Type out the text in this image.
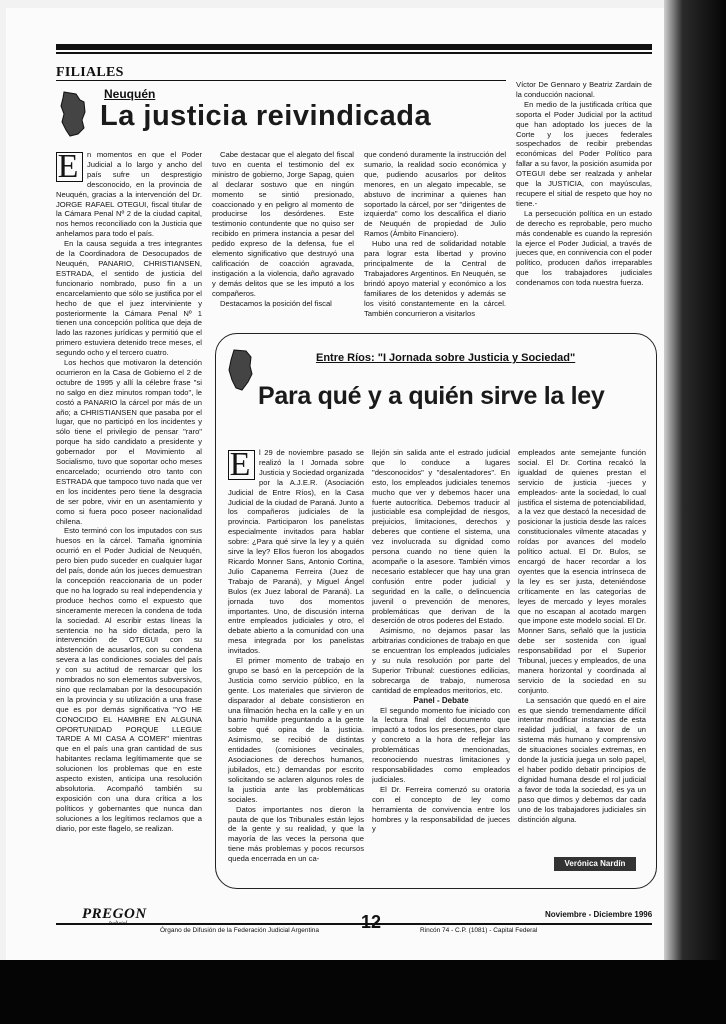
FILIALES
Neuquén
La justicia reivindicada
E	n momentos en que el Poder Judicial a lo largo y ancho del país sufre un desprestigio desconocido, en la provincia de Neuquén, gracias a la intervención del Dr. JORGE RAFAEL OTEGUI, fiscal titular de la Cámara Penal Nº 2 de la ciudad capital, nos hemos reconciliado con la Justicia que anhelamos para todo el país.

En la causa seguida a tres integrantes de la Coordinadora de Desocupados de Neuquén, PANARIO, CHRISTIANSEN, ESTRADA, el sentido de justicia del funcionario nombrado, puso fin a un encarcelamiento que sólo se justifica por el hecho de que el juez interviniente y posteriormente la Cámara Penal Nº 1 tienen una concepción política que deja de lado las razones jurídicas y permitió que el primero estuviera detenido trece meses, el segundo ocho y el tercero cuatro.

Los hechos que motivaron la detención ocurrieron en la Casa de Gobierno el 2 de octubre de 1995 y allí la célebre frase "si no salgo en diez minutos rompan todo", le costó a PANARIO la cárcel por más de un año; a CHRISTIANSEN que pasaba por el lugar, que no participó en los incidentes y sólo tiene el privilegio de pensar "raro" porque ha sido candidato a presidente y gobernador por el Movimiento al Socialismo, tuvo que soportar ocho meses encarcelado; ocurriendo otro tanto con ESTRADA que tampoco tuvo nada que ver en los incidentes pero tiene la desgracia de ser pobre, vivir en un asentamiento y como si fuera poco poseer nacionalidad chilena.

Esto terminó con los imputados con sus huesos en la cárcel. Tamaña ignominia ocurrió en el Poder Judicial de Neuquén, pero bien pudo suceder en cualquier lugar del país, donde aún los jueces demuestran la concepción reaccionaria de un poder que no ha logrado su real independencia y produce hechos como el expuesto que sinceramente merecen la condena de toda la sociedad. Al escribir estas líneas la sentencia no ha sido dictada, pero la intervención de OTEGUI con su abstención de acusarlos, con su condena severa a las condiciones sociales del país y con su actitud de remarcar que los nombrados no son elementos subversivos, sino que reclamaban por la desocupación en la provincia y su utilización a una frase que es por demás significativa "YO HE CONOCIDO EL HAMBRE EN ALGUNA OPORTUNIDAD PORQUE LLEGUE TARDE A MI CASA A COMER" mientras que en el país una gran cantidad de sus habitantes reclama legítimamente que se solucionen los problemas que en este aspecto existen, anticipa una resolución absolutoria. Acompañó también su exposición con una dura crítica a los políticos y gobernantes que nunca dan soluciones a los legítimos reclamos que a diario, por este flagelo, se realizan.

Cabe destacar que el alegato del fiscal tuvo en cuenta el testimonio del ex ministro de gobierno, Jorge Sapag, quien al declarar sostuvo que en ningún momento se sintió presionado, coaccionado y en peligro al momento de producirse los desórdenes. Este testimonio contundente que no quiso ser recibido en primera instancia a pesar del pedido expreso de la defensa, fue el elemento significativo que destruyó una calificación de coacción agravada, instigación a la violencia, daño agravado y demás delitos que se les imputó a los compañeros.

Destacamos la posición del fiscal

que condenó duramente la instrucción del sumario, la realidad socio económica y que, pudiendo acusarlos por delitos menores, en un alegato impecable, se abstuvo de incriminar a quienes han soportado la cárcel, por ser "dirigentes de izquierda" como los descalifica el diario de Neuquén de propiedad de Julio Ramos (Ámbito Financiero).

Hubo una red de solidaridad notable para lograr esta libertad y provino principalmente de la Central de Trabajadores Argentinos. En Neuquén, se brindó apoyo material y económico a los familiares de los detenidos y además se los visitó constantemente en la cárcel. También concurrieron a visitarlos

Víctor De Gennaro y Beatriz Zardain de la conducción nacional.

En medio de la justificada crítica que soporta el Poder Judicial por la actitud que han adoptado los jueces de la Corte y los jueces federales sospechados de recibir prebendas económicas del Poder Político para fallar a su favor, la posición asumida por OTEGUI debe ser realzada y anhelar que la JUSTICIA, con mayúsculas, recupere el sitial de respeto que hoy no tiene.-

La persecución política en un estado de derecho es reprobable, pero mucho más condenable es cuando la represión la ejerce el Poder Judicial, a través de jueces que, en connivencia con el poder político, producen daños irreparables que los trabajadores judiciales condenamos con toda nuestra fuerza.

Entre Ríos: "I Jornada sobre Justicia y Sociedad"
Para qué y a quién sirve la ley
E	l 29 de noviembre pasado se realizó la I Jornada sobre Justicia y Sociedad organizada por la A.J.E.R. (Asociación Judicial de Entre Ríos), en la Casa Judicial de la ciudad de Paraná. Junto a los compañeros judiciales de la provincia. Participaron los panelistas especialmente invitados para hablar sobre: ¿Para qué sirve la ley y a quién sirve la ley? Ellos fueron los abogados Ricardo Monner Sans, Antonio Cortina, Julio Capanema Ferreira (Juez de Trabajo de Paraná), y Miguel Ángel Bulos (ex Juez laboral de Paraná). La jornada tuvo dos momentos importantes. Uno, de discusión interna entre empleados judiciales y otro, el debate abierto a la comunidad con una mesa integrada por los panelistas invitados.

El primer momento de trabajo en grupo se basó en la percepción de la Justicia como servicio público, en la gente. Los materiales que sirvieron de disparador al debate consistieron en una filmación hecha en la calle y en un barrio humilde preguntando a la gente sobre qué opina de la justicia. Asimismo, se recibió de distintas entidades (comisiones vecinales, Asociaciones de derechos humanos, jubilados, etc.) demandas por escrito solicitando se aclaren algunos roles de la justicia ante las problemáticas sociales.

Datos importantes nos dieron la pauta de que los Tribunales están lejos de la gente y su realidad, y que la mayoría de las veces la persona que tiene más problemas y pocos recursos queda encerrada en un ca-

llejón sin salida ante el estrado judicial que lo conduce a lugares "desconocidos" y "desalentadores". En esto, los empleados judiciales tenemos mucho que ver y debemos hacer una fuerte autocrítica. Debemos traducir al justiciable esa complejidad de riesgos, prejuicios, limitaciones, derechos y deberes que contiene el sistema, una vez involucrada su dignidad como persona cuando no tiene quien la acompañe o la asesore. También vimos necesario establecer que hay una gran confusión entre poder judicial y seguridad en la calle, o delincuencia juvenil o prevención de menores, problemáticas que derivan de la deserción de otros poderes del Estado.

Asimismo, no dejamos pasar las arbitrarias condiciones de trabajo en que se encuentran los empleados judiciales y su nula resolución por parte del Superior Tribunal: cuestiones edilicias, sobrecarga de trabajo, numerosa cantidad de empleados meritorios, etc.

Panel - Debate

El segundo momento fue iniciado con la lectura final del documento que impactó a todos los presentes, por claro y concreto a la hora de reflejar las problemáticas mencionadas, reconociendo nuestras limitaciones y responsabilidades como empleados judiciales.

El Dr. Ferreira comenzó su oratoria con el concepto de ley como herramienta de convivencia entre los hombres y la responsabilidad de jueces y

empleados ante semejante función social. El Dr. Cortina recalcó la igualdad de quienes prestan el servicio de justicia -jueces y empleados- ante la sociedad, lo cual justifica el sistema de potenciabilidad, a la vez que destacó la necesidad de posicionar la justicia desde las raíces constitucionales vilmente atacadas y roídas por avances del modelo político actual. El Dr. Bulos, se encargó de hacer recordar a los oyentes que la esencia intrínseca de la ley es ser justa, deteniéndose críticamente en las categorías de leyes de mercado y leyes morales que no escapan al acotado margen que impone este modelo social. El Dr. Monner Sans, señaló que la justicia debe ser sostenida con igual responsabilidad por el Superior Tribunal, jueces y empleados, de una manera horizontal y coordinada al servicio de la sociedad en su conjunto.

La sensación que quedó en el aire es que siendo tremendamente difícil intentar modificar instancias de esta realidad judicial, a favor de un sistema más humano y comprensivo de situaciones sociales extremas, en donde la justicia juega un solo papel, el haber podido debatir principios de dignidad humana desde el rol judicial a favor de toda la sociedad, es ya un paso que dimos y debemos dar cada uno de los trabajadores judiciales sin distinción alguna.

Verónica Nardín
PREGON
Judicial
Órgano de Difusión de la Federación Judicial Argentina 12	Rincón 74 - C.P. (1081) - Capital Federal
Noviembre - Diciembre 1996
